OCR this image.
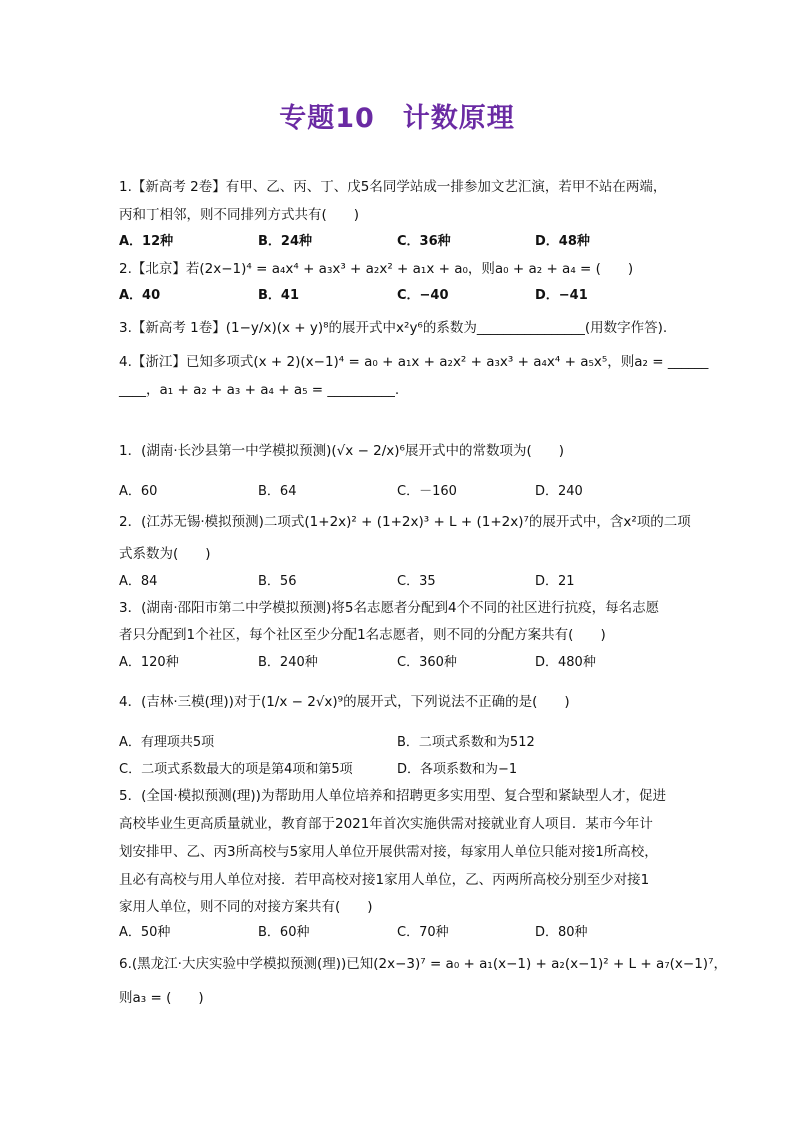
专题10　计数原理
1.【新高考 2卷】有甲、乙、丙、丁、戊5名同学站成一排参加文艺汇演，若甲不站在两端，
丙和丁相邻，则不同排列方式共有(　　)
A．12种	B．24种	C．36种	D．48种
2.【北京】若(2x−1)⁴ = a₄x⁴ + a₃x³ + a₂x² + a₁x + a₀，则a₀ + a₂ + a₄ = (　　)
A．40	B．41	C．−40	D．−41
3.【新高考 1卷】(1−y/x)(x + y)⁸的展开式中x²y⁶的系数为________________(用数字作答).
4.【浙江】已知多项式(x + 2)(x−1)⁴ = a₀ + a₁x + a₂x² + a₃x³ + a₄x⁴ + a₅x⁵，则a₂ = ______
____，a₁ + a₂ + a₃ + a₄ + a₅ = __________.
1．(湖南·长沙县第一中学模拟预测)(√x − 2/x)⁶展开式中的常数项为(　　)
A．60	B．64	C．－160	D．240
2．(江苏无锡·模拟预测)二项式(1+2x)² + (1+2x)³ + L + (1+2x)⁷的展开式中，含x²项的二项
式系数为(　　)
A．84	B．56	C．35	D．21
3．(湖南·邵阳市第二中学模拟预测)将5名志愿者分配到4个不同的社区进行抗疫，每名志愿
者只分配到1个社区，每个社区至少分配1名志愿者，则不同的分配方案共有(　　)
A．120种	B．240种	C．360种	D．480种
4．(吉林·三模(理))对于(1/x − 2√x)⁹的展开式，下列说法不正确的是(　　)
A．有理项共5项	B．二项式系数和为512
C．二项式系数最大的项是第4项和第5项	D．各项系数和为−1
5．(全国·模拟预测(理))为帮助用人单位培养和招聘更多实用型、复合型和紧缺型人才，促进
高校毕业生更高质量就业，教育部于2021年首次实施供需对接就业育人项目．某市今年计
划安排甲、乙、丙3所高校与5家用人单位开展供需对接，每家用人单位只能对接1所高校，
且必有高校与用人单位对接．若甲高校对接1家用人单位，乙、丙两所高校分别至少对接1
家用人单位，则不同的对接方案共有(　　)
A．50种	B．60种	C．70种	D．80种
6.(黑龙江·大庆实验中学模拟预测(理))已知(2x−3)⁷ = a₀ + a₁(x−1) + a₂(x−1)² + L + a₇(x−1)⁷，
则a₃ = (　　)
